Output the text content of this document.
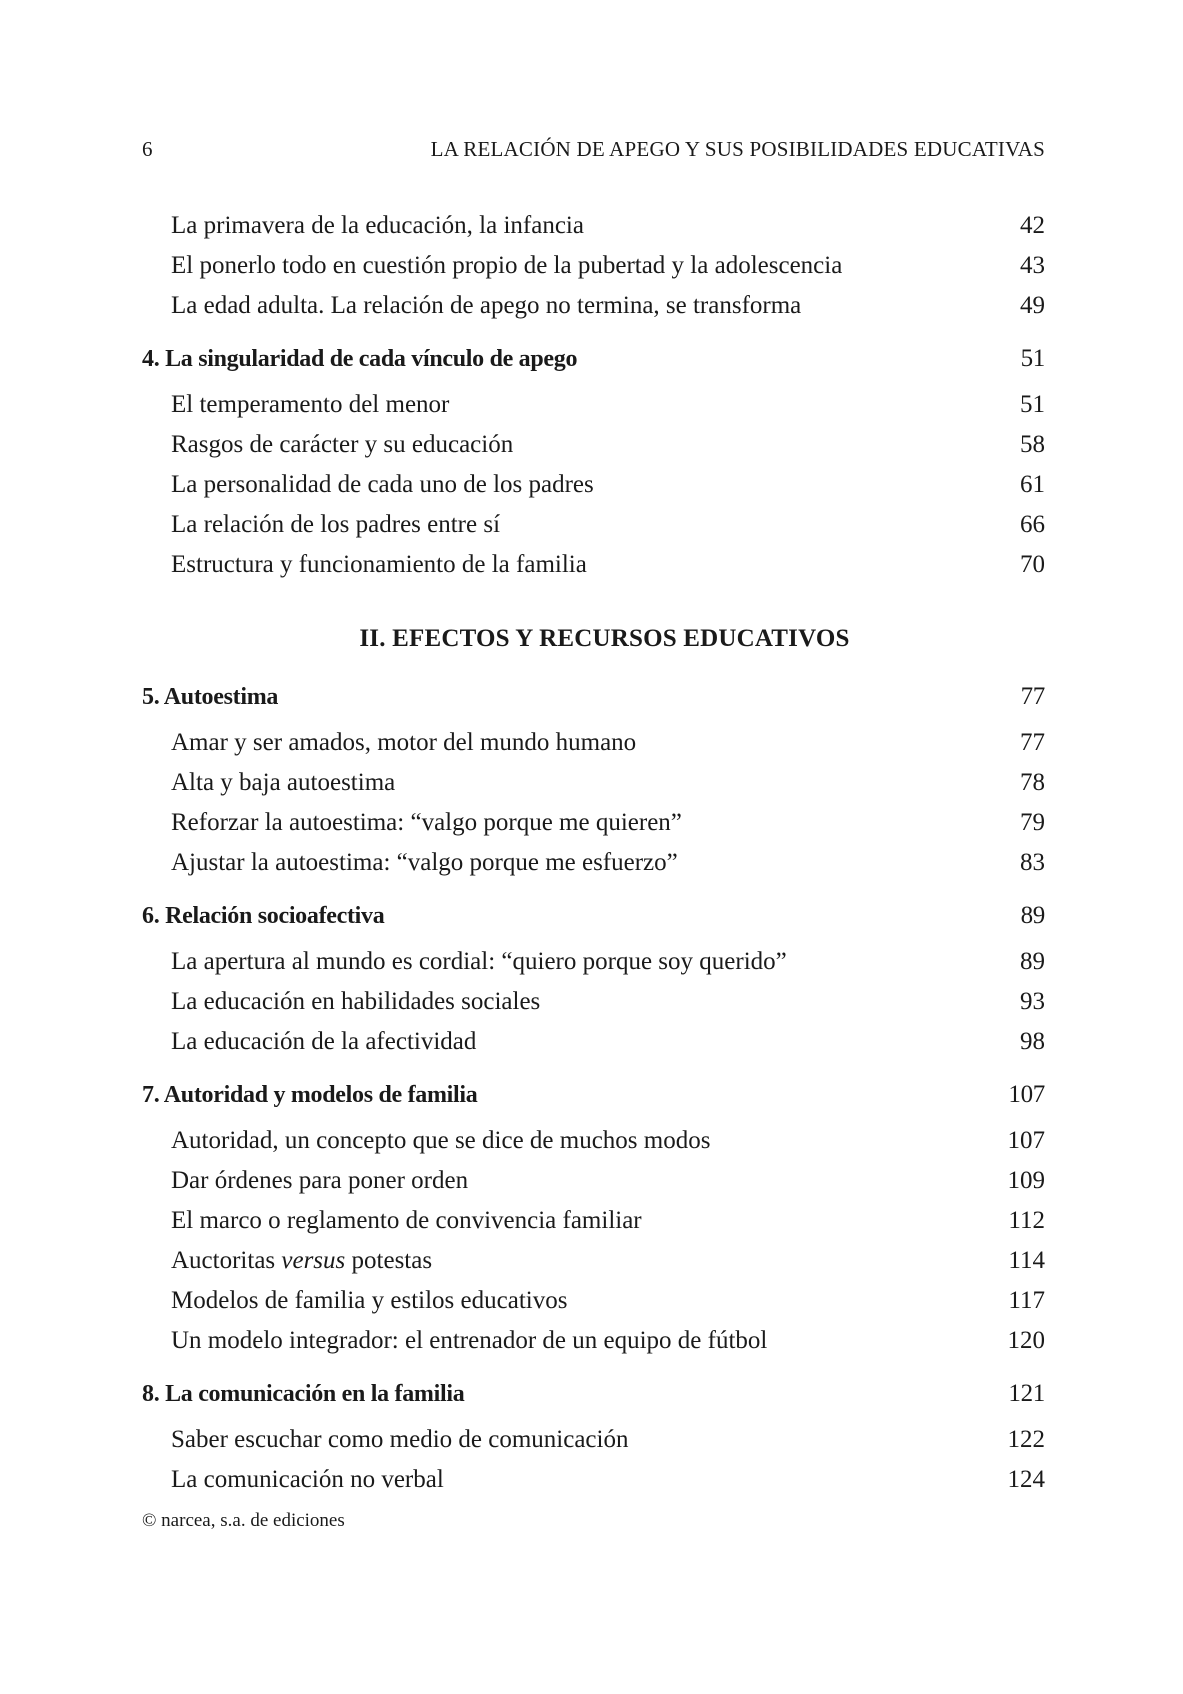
6	LA RELACIÓN DE APEGO Y SUS POSIBILIDADES EDUCATIVAS
La primavera de la educación, la infancia	42
El ponerlo todo en cuestión propio de la pubertad y la adolescencia	43
La edad adulta. La relación de apego no termina, se transforma	49
4. La singularidad de cada vínculo de apego	51
El temperamento del menor	51
Rasgos de carácter y su educación	58
La personalidad de cada uno de los padres	61
La relación de los padres entre sí	66
Estructura y funcionamiento de la familia	70
II. EFECTOS Y RECURSOS EDUCATIVOS
5. Autoestima	77
Amar y ser amados, motor del mundo humano	77
Alta y baja autoestima	78
Reforzar la autoestima: “valgo porque me quieren”	79
Ajustar la autoestima: “valgo porque me esfuerzo”	83
6. Relación socioafectiva	89
La apertura al mundo es cordial: “quiero porque soy querido”	89
La educación en habilidades sociales	93
La educación de la afectividad	98
7. Autoridad y modelos de familia	107
Autoridad, un concepto que se dice de muchos modos	107
Dar órdenes para poner orden	109
El marco o reglamento de convivencia familiar	112
Auctoritas versus potestas	114
Modelos de familia y estilos educativos	117
Un modelo integrador: el entrenador de un equipo de fútbol	120
8. La comunicación en la familia	121
Saber escuchar como medio de comunicación	122
La comunicación no verbal	124
© narcea, s.a. de ediciones
